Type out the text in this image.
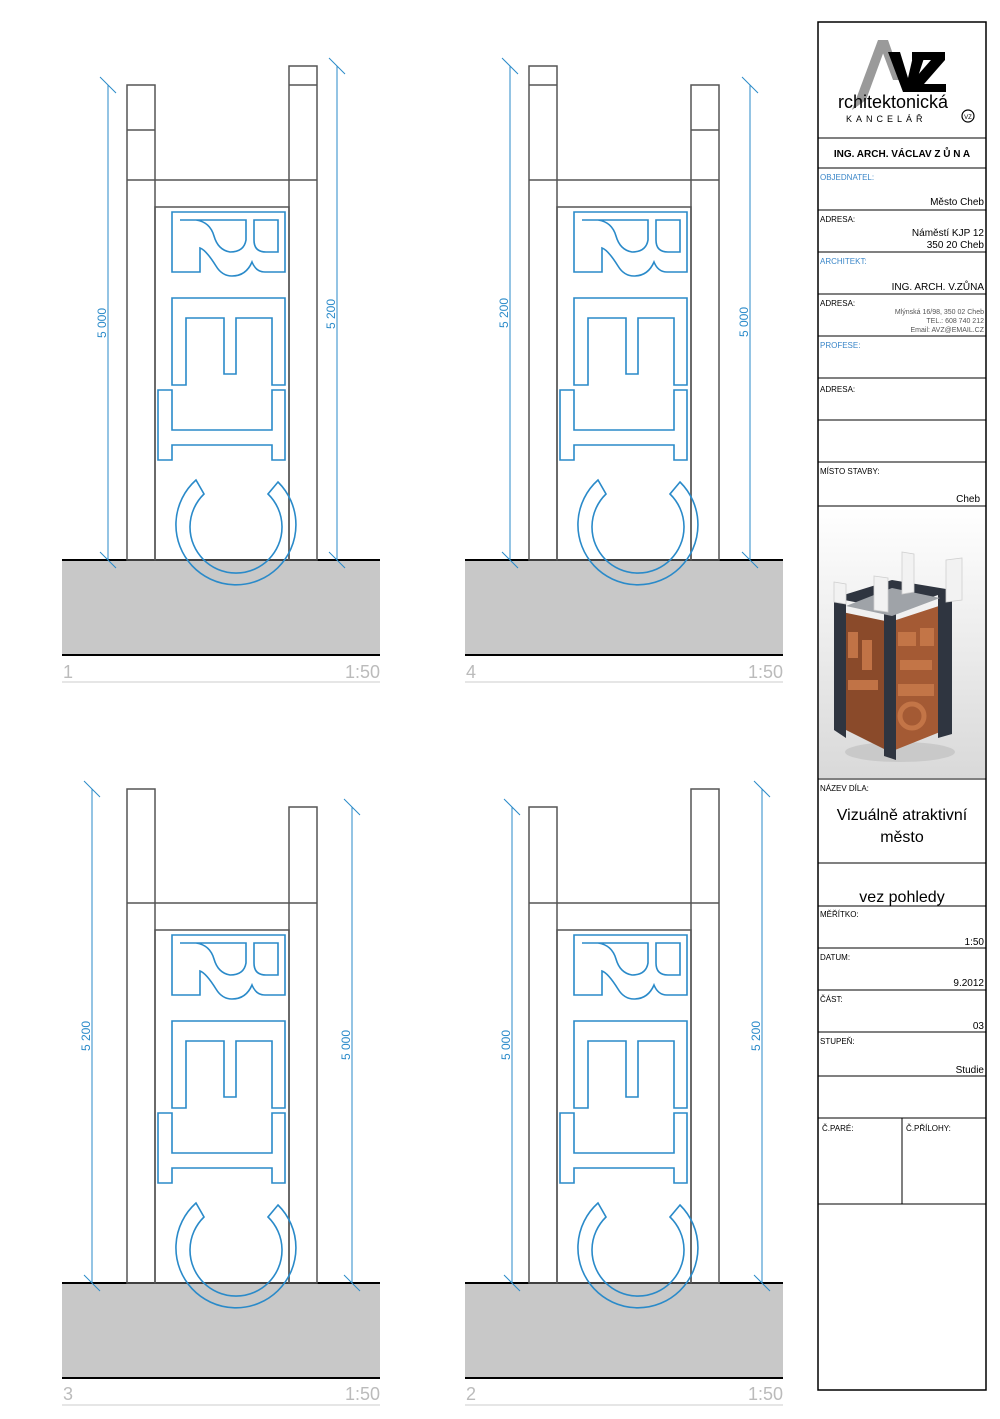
5 000	5 200
1	1:50
5 200	5 000
4	1:50
5 200	5 000
3	1:50
5 000	5 200
2	1:50
rchitektonická
KANCELÁŘ	VZ
ING. ARCH. VÁCLAV Z Ů N A
OBJEDNATEL:
Město Cheb
ADRESA:
Náměstí KJP 12
350 20 Cheb
ARCHITEKT:
ING. ARCH. V.ZŮNA
ADRESA:
Mlýnská 16/98, 350 02 Cheb
TEL.: 608 740 212
Email: AVZ@EMAIL.CZ
PROFESE:
ADRESA:
MÍSTO STAVBY:
Cheb
NÁZEV DÍLA:
Vizuálně atraktivní
město
vez pohledy
MĚŘÍTKO:
1:50
DATUM:
9.2012
ČÁST:
03
STUPEŇ:
Studie
Č.PARÉ:	Č.PŘÍLOHY:
